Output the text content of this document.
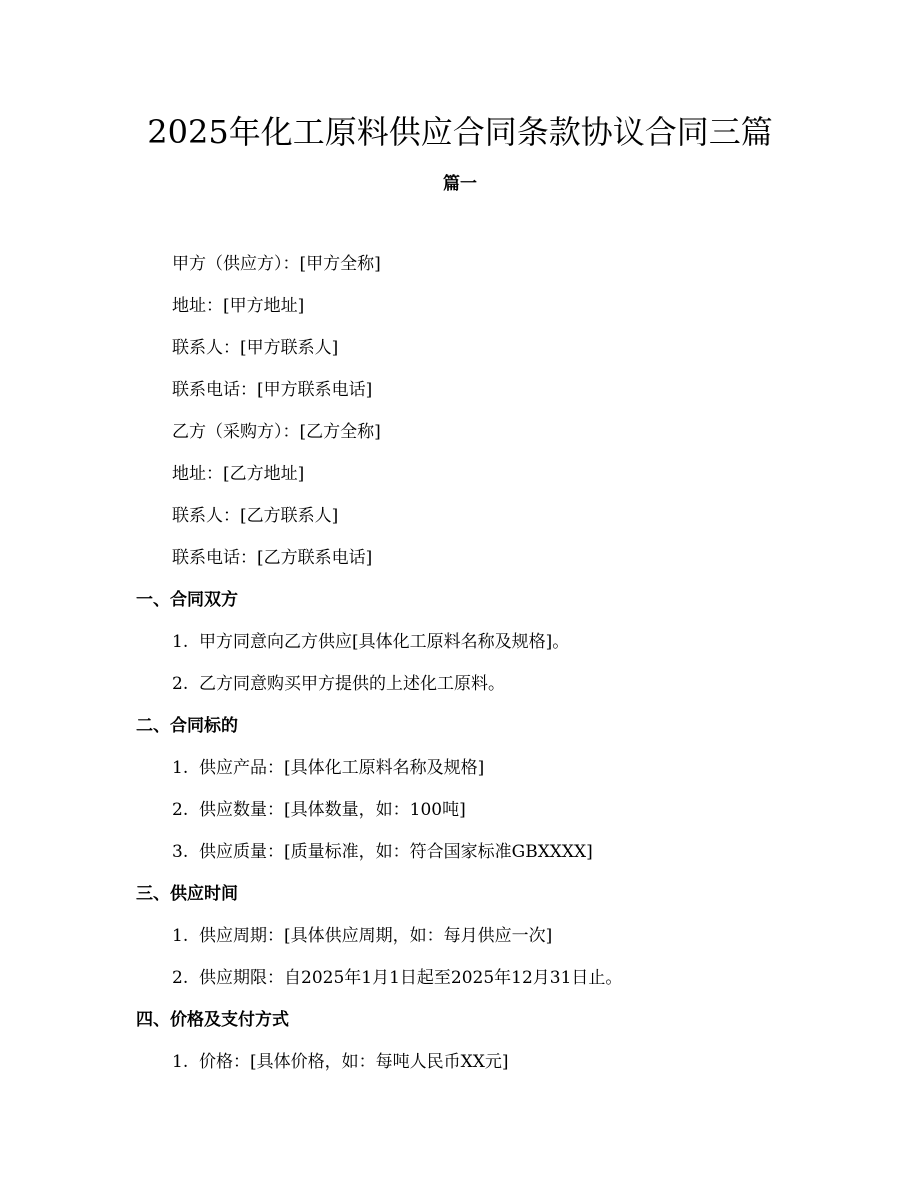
2025年化工原料供应合同条款协议合同三篇
篇一
甲方（供应方）：[甲方全称]
地址：[甲方地址]
联系人：[甲方联系人]
联系电话：[甲方联系电话]
乙方（采购方）：[乙方全称]
地址：[乙方地址]
联系人：[乙方联系人]
联系电话：[乙方联系电话]
一、合同双方
1. 甲方同意向乙方供应[具体化工原料名称及规格]。
2. 乙方同意购买甲方提供的上述化工原料。
二、合同标的
1. 供应产品：[具体化工原料名称及规格]
2. 供应数量：[具体数量，如：100吨]
3. 供应质量：[质量标准，如：符合国家标准GBXXXX]
三、供应时间
1. 供应周期：[具体供应周期，如：每月供应一次]
2. 供应期限：自2025年1月1日起至2025年12月31日止。
四、价格及支付方式
1. 价格：[具体价格，如：每吨人民币XX元]
